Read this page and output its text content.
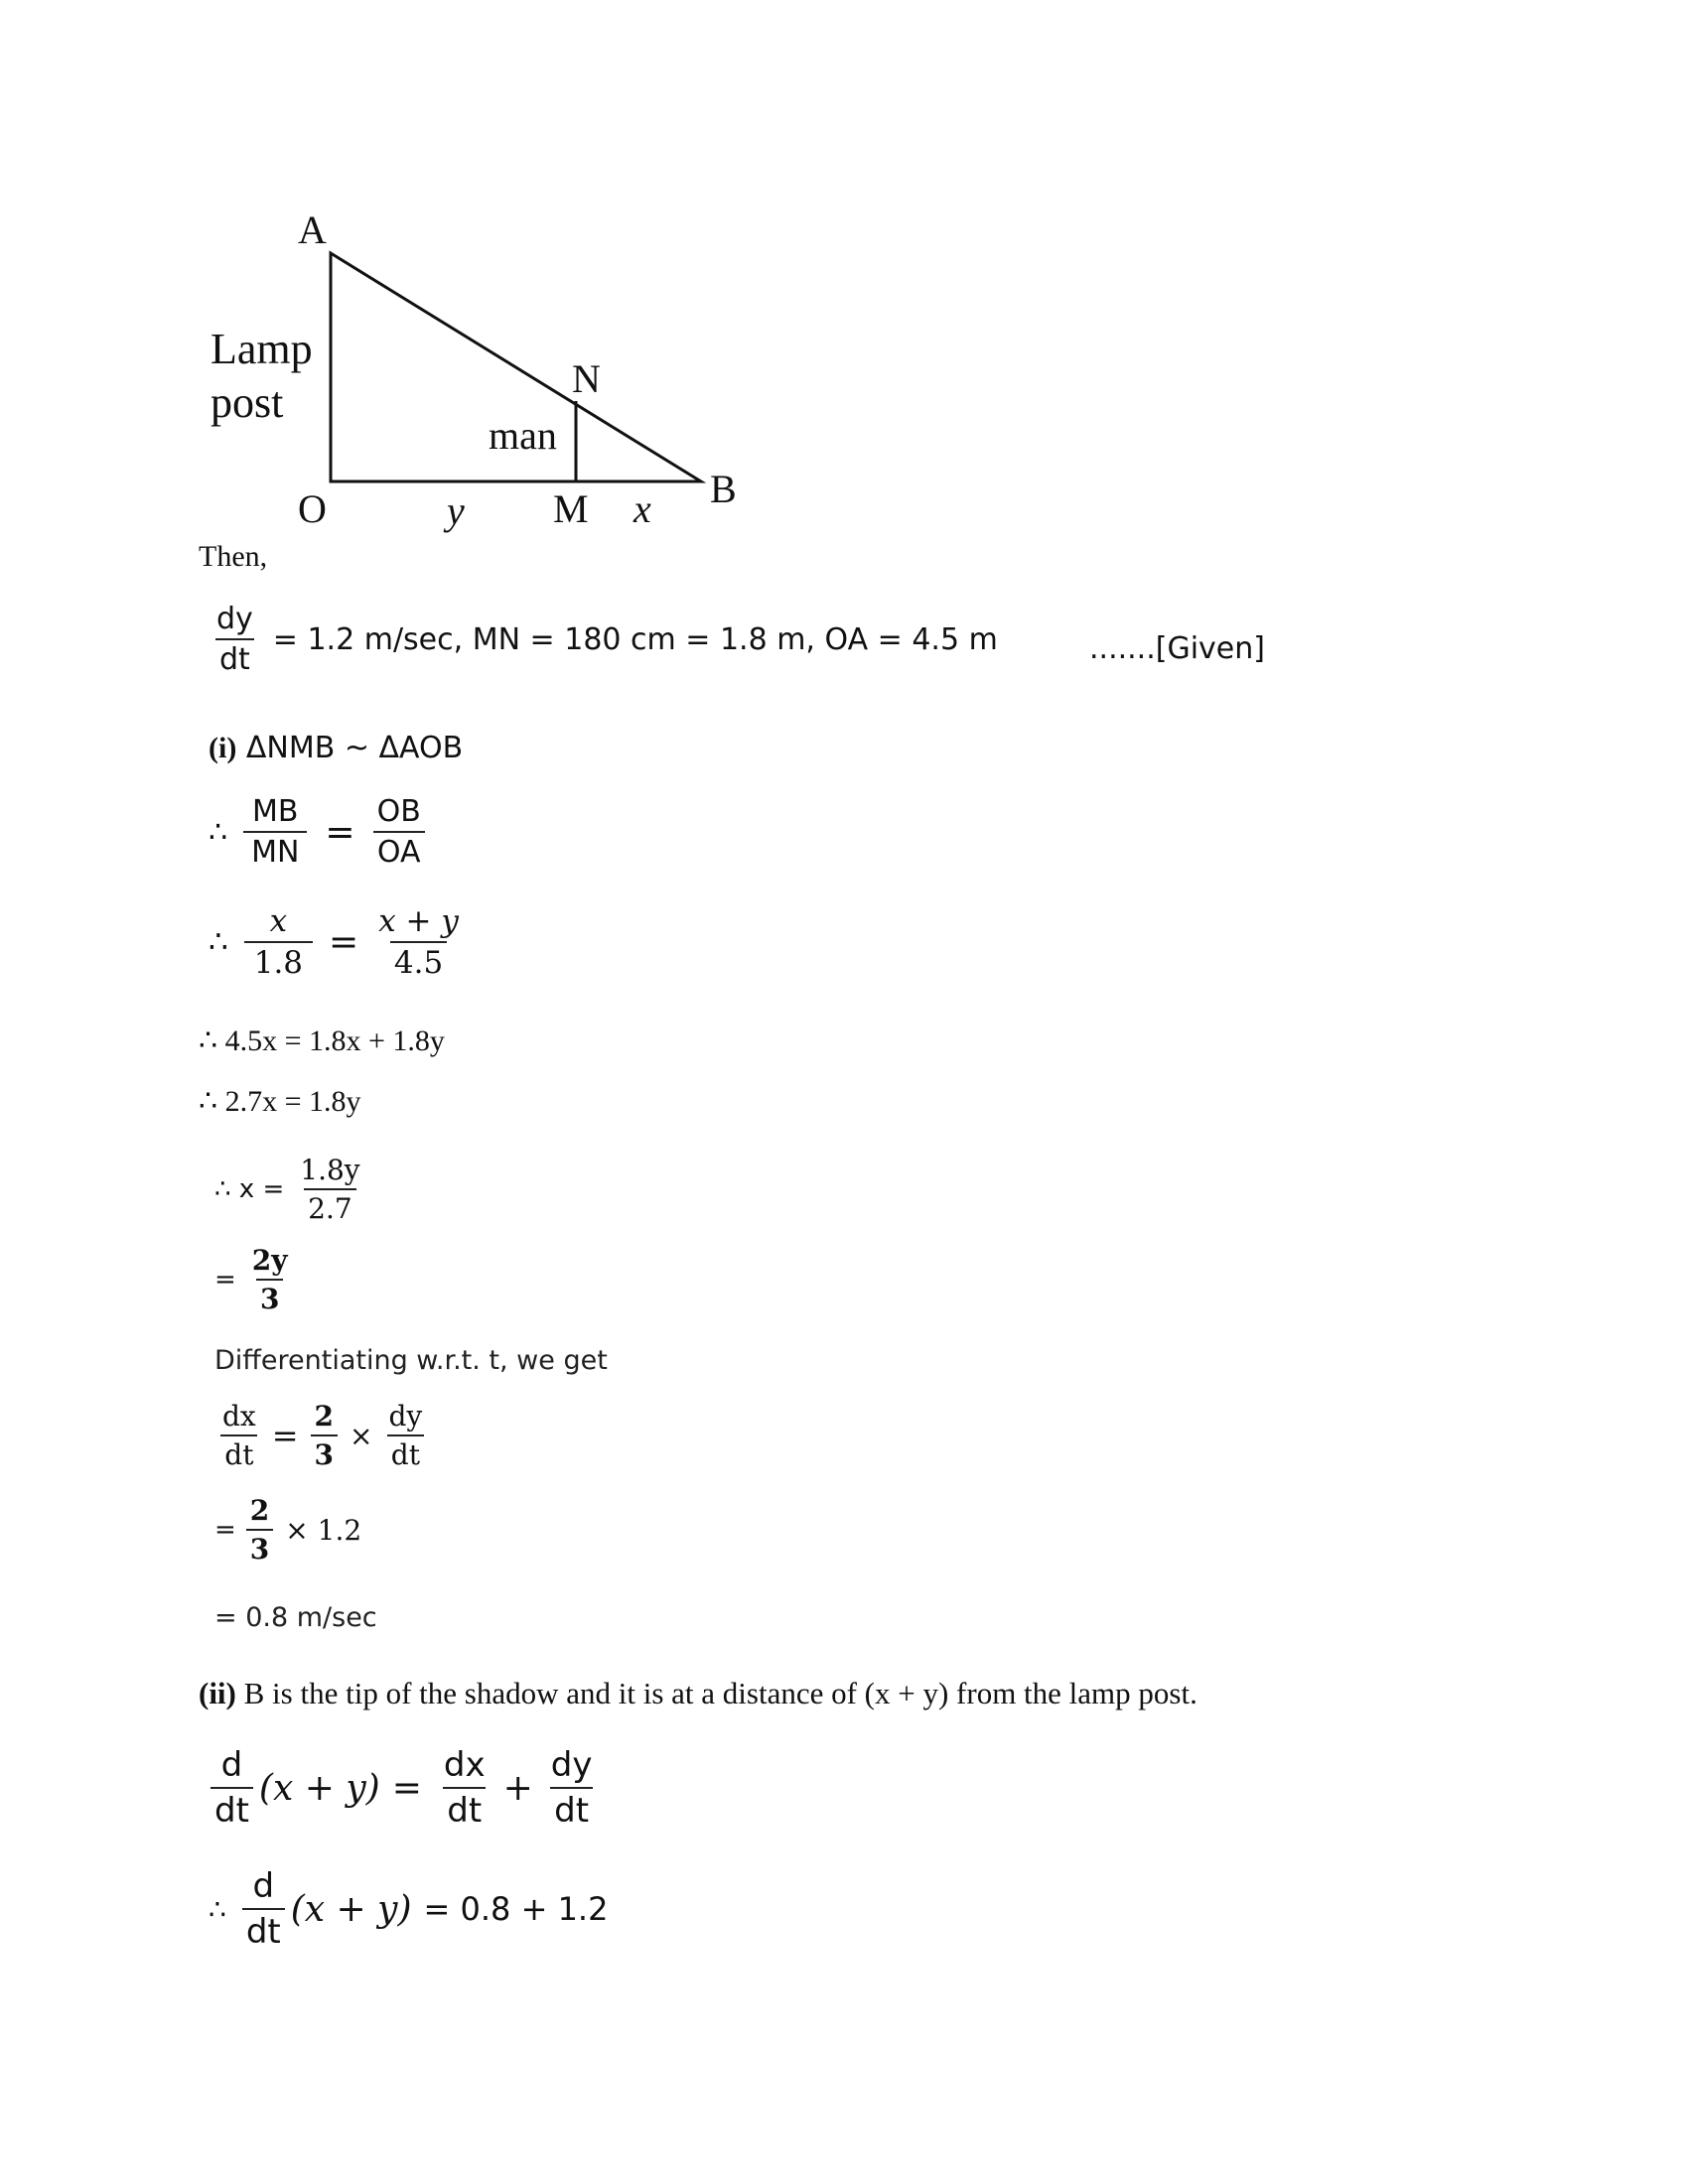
A
Lamp
post	N
man
O	y M x B
Then,
$\frac{dy}{dt} = 1.2$ m/sec, MN = 180 cm = 1.8 m, OA = 4.5 m	.......[Given]
(i) ΔNMB ~ ΔAOB
∴ $\frac{MB}{MN} = \frac{OB}{OA}$
∴ $\frac{x}{1.8} = \frac{x + y}{4.5}$
∴ 4.5x = 1.8x + 1.8y
∴ 2.7x = 1.8y
∴ $x = \frac{1.8y}{2.7}$
= $\frac{2y}{3}$
Differentiating w.r.t. t, we get
$\frac{dx}{dt} = \frac{2}{3} \times \frac{dy}{dt}$
= $\frac{2}{3} \times 1.2$
= 0.8 m/sec
(ii) B is the tip of the shadow and it is at a distance of (x + y) from the lamp post.
$\frac{d}{dt} (x + y) = \frac{dx}{dt} + \frac{dy}{dt}$
∴ $\frac{d}{dt} (x + y) = 0.8 + 1.2$
